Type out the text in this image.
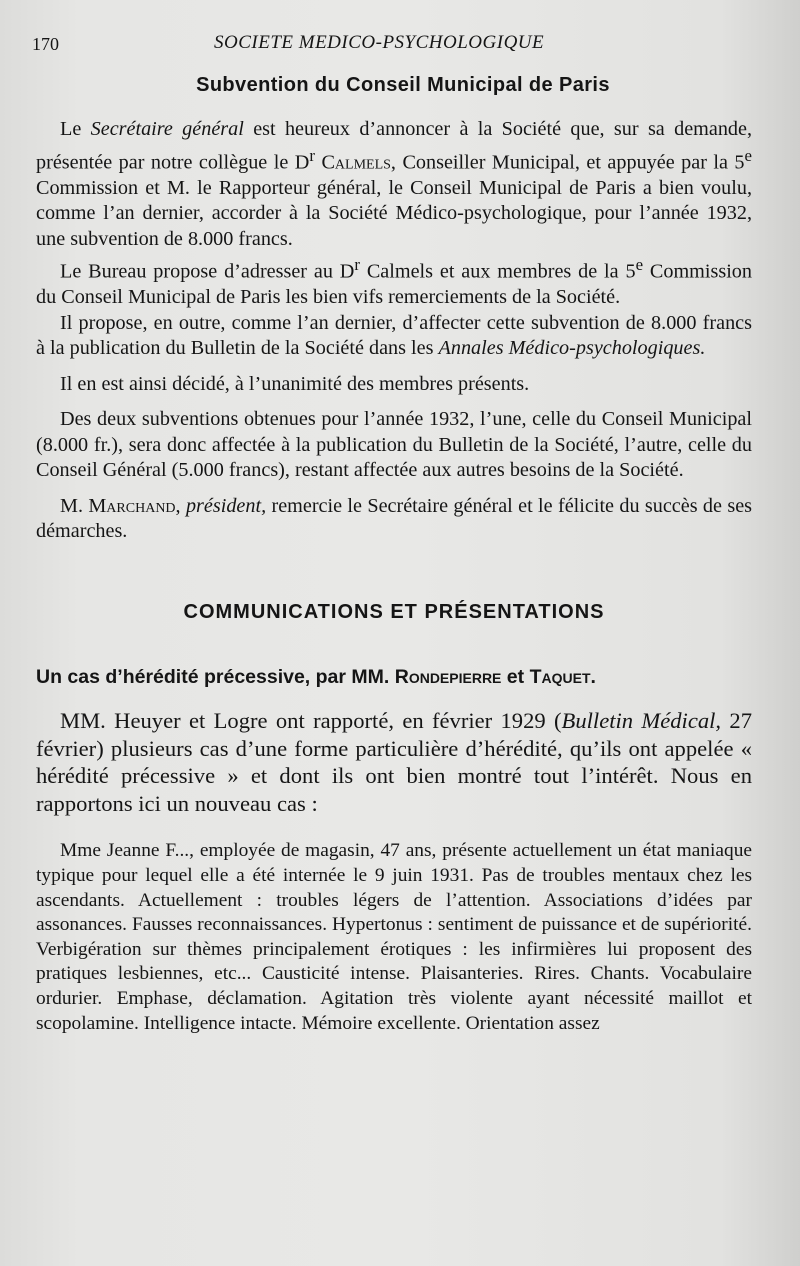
170	SOCIETE MEDICO-PSYCHOLOGIQUE
Subvention du Conseil Municipal de Paris

Le Secrétaire général est heureux d’annoncer à la Société que, sur sa demande, présentée par notre collègue le $D^r$ Calmels, Conseiller Municipal, et appuyée par la 5e Commission et M. le Rapporteur général, le Conseil Municipal de Paris a bien voulu, comme l’an dernier, accorder à la Société Médico-psychologique, pour l’année 1932, une subvention de 8.000 francs.

Le Bureau propose d’adresser au $D^r$ Calmels et aux membres de la 5e Commission du Conseil Municipal de Paris les bien vifs remerciements de la Société.

Il propose, en outre, comme l’an dernier, d’affecter cette subvention de 8.000 francs à la publication du Bulletin de la Société dans les Annales Médico-psychologiques.

Il en est ainsi décidé, à l’unanimité des membres présents.

Des deux subventions obtenues pour l’année 1932, l’une, celle du Conseil Municipal (8.000 fr.), sera donc affectée à la publication du Bulletin de la Société, l’autre, celle du Conseil Général (5.000 francs), restant affectée aux autres besoins de la Société.

M. Marchand, président, remercie le Secrétaire général et le félicite du succès de ses démarches.

COMMUNICATIONS ET PRÉSENTATIONS
Un cas d’hérédité précessive, par MM. Rondepierre et Taquet.

MM. Heuyer et Logre ont rapporté, en février 1929 (Bulletin Médical, 27 février) plusieurs cas d’une forme particulière d’hérédité, qu’ils ont appelée « hérédité précessive » et dont ils ont bien montré tout l’intérêt. Nous en rapportons ici un nouveau cas :

Mme Jeanne F..., employée de magasin, 47 ans, présente actuellement un état maniaque typique pour lequel elle a été internée le 9 juin 1931. Pas de troubles mentaux chez les ascendants. Actuellement : troubles légers de l’attention. Associations d’idées par assonances. Fausses reconnaissances. Hypertonus : sentiment de puissance et de supériorité. Verbigération sur thèmes principalement érotiques : les infirmières lui proposent des pratiques lesbiennes, etc... Causticité intense. Plaisanteries. Rires. Chants. Vocabulaire ordurier. Emphase, déclamation. Agitation très violente ayant nécessité maillot et scopolamine. Intelligence intacte. Mémoire excellente. Orientation assez
